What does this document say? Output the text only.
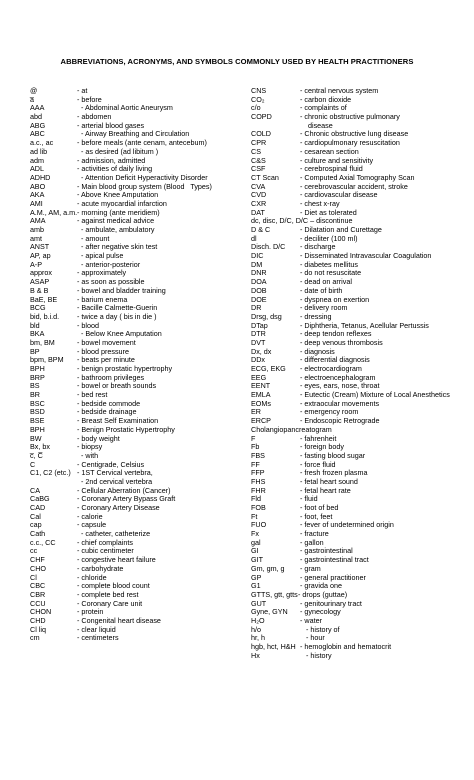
ABBREVIATIONS, ACRONYMS, AND SYMBOLS COMMONLY USED BY HEALTH PRACTITIONERS
@	- at
a̅	- before
AAA	- Abdominal Aortic Aneurysm
abd	- abdomen
ABG	- arterial blood gases
ABC	- Airway Breathing and Circulation
a.c., ac	- before meals (ante cenam, antecebum)
ad lib	- as desired (ad libitum )
adm	- admission, admitted
ADL	- activities of daily living
ADHD	- Attention Deficit Hyperactivity Disorder
ABO	- Main blood group system (Blood   Types)
AKA	- Above Knee Amputation
AMI	- acute myocardial infarction
A.M., AM, a.m. - morning (ante meridiem)
AMA	- against medical advice
amb	- ambulate, ambulatory
amt	- amount
ANST	- after negative skin test
AP, ap	- apical pulse
A-P	- anterior-posterior
approx	- approximately
ASAP	- as soon as possible
B & B	- bowel and bladder training
BaE, BE	- barium enema
BCG	- Bacille Calmette-Guerin
bid, b.i.d. - twice a day ( bis in die )
bld	- blood
BKA	- Below Knee Amputation
bm, BM	- bowel movement
BP	- blood pressure
bpm, BPM - beats per minute
BPH	- benign prostatic hypertrophy
BRP	- bathroom privileges
BS	- bowel or breath sounds
BR	- bed rest
BSC	- bedside commode
BSD	- bedside drainage
BSE	- Breast Self Examination
BPH	- Benign Prostatic Hypertrophy
BW	- body weight
Bx, bx	- biopsy
c̅, C̅	- with
C	- Centigrade, Celsius
C1, C2 (etc.) - 1ST Cervical vertebra,
- 2nd cervical vertebra
CA	- Cellular Aberration (Cancer)
CaBG	- Coronary Artery Bypass Graft
CAD	- Coronary Artery Disease
Cal	- calorie
cap	- capsule
Cath	- catheter, catheterize
c.c., CC	- chief complaints
cc	- cubic centimeter
CHF	- congestive heart failure
CHO	- carbohydrate
Cl	- chloride
CBC	- complete blood count
CBR	- complete bed rest
CCU	- Coronary Care unit
CHON	- protein
CHD	- Congenital heart disease
Cl liq	- clear liquid
cm	- centimeters
CNS	- central nervous system
CO₂	- carbon dioxide
c/o	- complaints of
COPD	- chronic obstructive pulmonary
disease
COLD	- Chronic obstructive lung disease
CPR	- cardiopulmonary resuscitation
CS	- cesarean section
C&S	- culture and sensitivity
CSF	- cerebrospinal fluid
CT Scan - Computed Axial Tomography Scan
CVA	- cerebrovascular accident, stroke
CVD	- cardiovascular disease
CXR	- chest x-ray
DAT	- Diet as tolerated
dc, disc, D/C, D/C – discontinue
D & C	- Dilatation and Curettage
dl	- deciliter (100 ml)
Disch. D/C - discharge
DIC	- Disseminated Intravascular Coagulation
DM	- diabetes mellitus
DNR	- do not resuscitate
DOA	- dead on arrival
DOB	- date of birth
DOE	- dyspnea on exertion
DR	- delivery room
Drsg, dsg - dressing
DTap	- Diphtheria, Tetanus, Acellular Pertussis
DTR	- deep tendon reflexes
DVT	- deep venous thrombosis
Dx, dx	- diagnosis
DDx	- differential diagnosis
ECG, EKG - electrocardiogram
EEG	- electroencephalogram
EENT	- eyes, ears, nose, throat
EMLA	- Eutectic (Cream) Mixture of Local Anesthetics
EOMs	- extraocular movements
ER	- emergency room
ERCP	- Endoscopic Retrograde
Cholangiopancreatogram
F	- fahrenheit
Fb	- foreign body
FBS	- fasting blood sugar
FF	- force fluid
FFP	- fresh frozen plasma
FHS	- fetal heart sound
FHR	- fetal heart rate
Fld	- fluid
FOB	- foot of bed
Ft	- foot, feet
FUO	- fever of undetermined origin
Fx	- fracture
gal	- gallon
GI	- gastrointestinal
GIT	- gastrointestinal tract
Gm, gm, g - gram
GP	- general practitioner
G1	- gravida one
GTTS, gtt, gtts
- drops (guttae)
GUT	- genitourinary tract
Gyne, GYN - gynecology
H₂O	- water
h/o	- history of
hr, h	- hour
hgb, hct, H&H - hemoglobin and hematocrit
Hx	- history
